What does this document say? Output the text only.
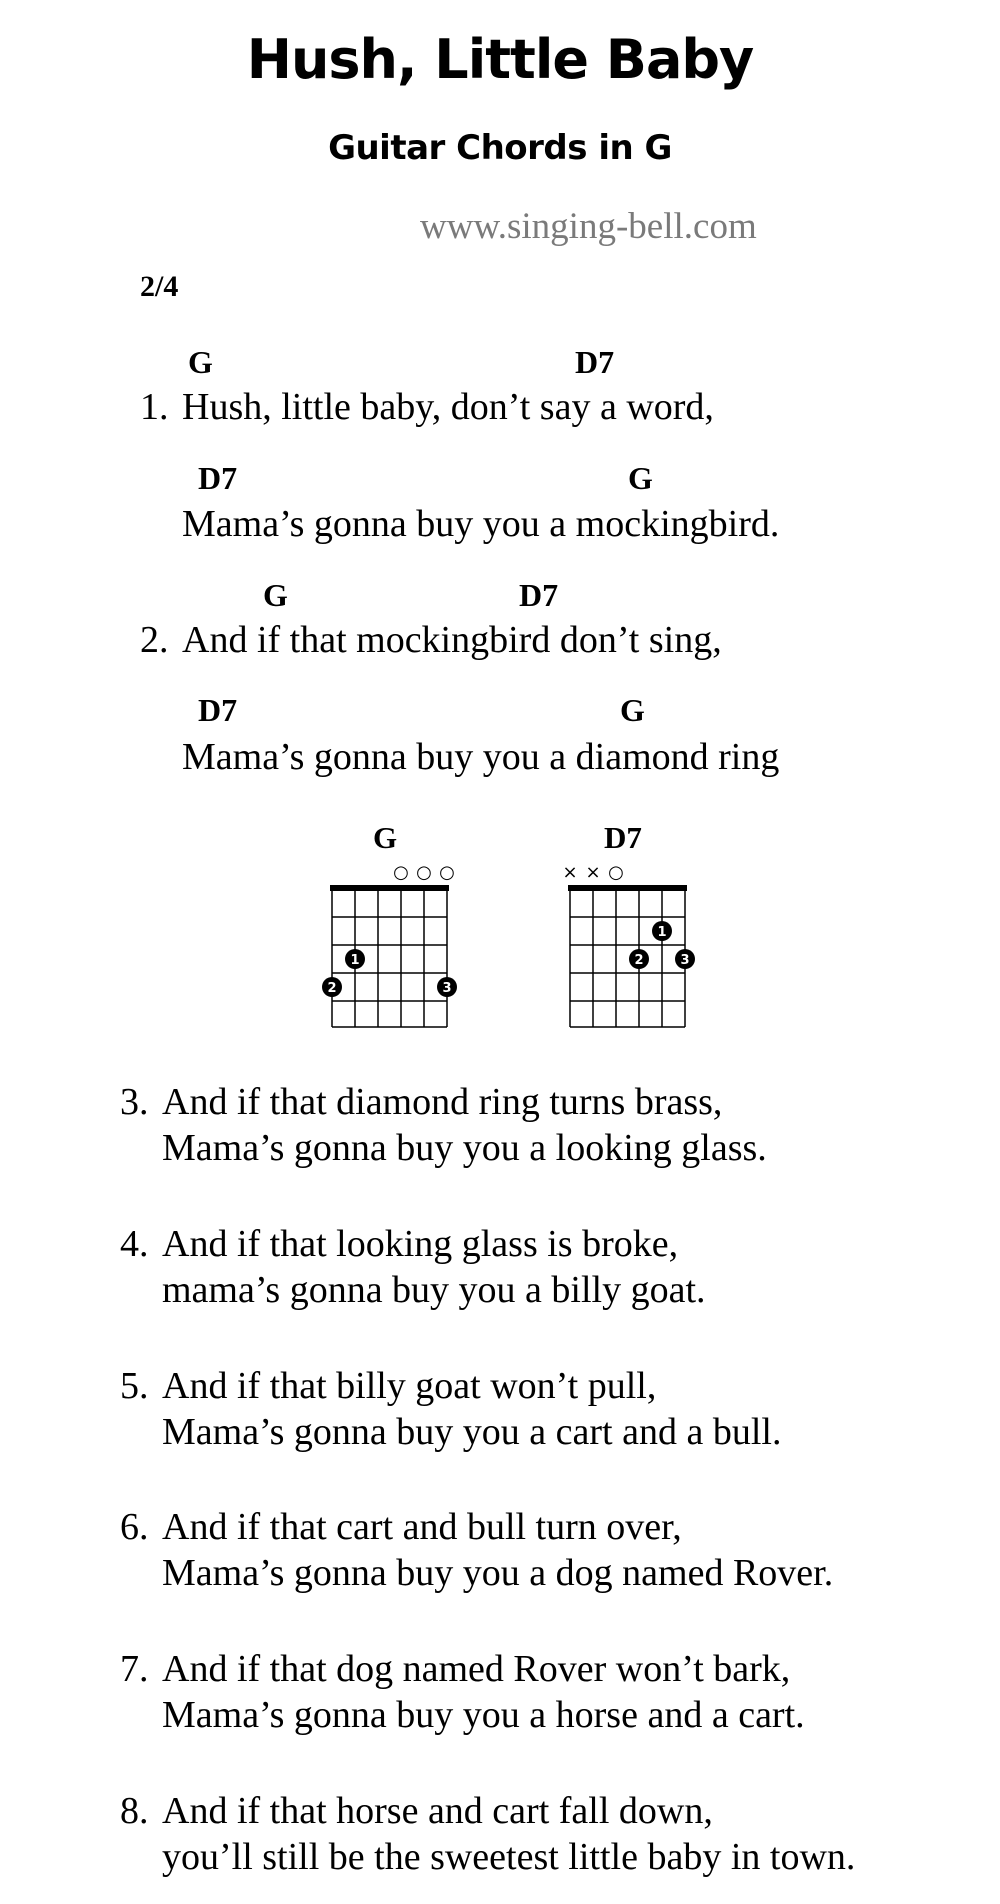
Hush, Little Baby
Guitar Chords in G
www.singing-bell.com
2/4
G	D7
1. Hush, little baby, don’t say a word,
D7	G
Mama’s gonna buy you a mockingbird.
G	D7
2. And if that mockingbird don’t sing,
D7	G
Mama’s gonna buy you a diamond ring
G
○ ○ ○
1
2	3
D7
× × ○
1
2	3
3. And if that diamond ring turns brass,
Mama’s gonna buy you a looking glass.
4. And if that looking glass is broke,
mama’s gonna buy you a billy goat.
5. And if that billy goat won’t pull,
Mama’s gonna buy you a cart and a bull.
6. And if that cart and bull turn over,
Mama’s gonna buy you a dog named Rover.
7. And if that dog named Rover won’t bark,
Mama’s gonna buy you a horse and a cart.
8. And if that horse and cart fall down,
you’ll still be the sweetest little baby in town.
